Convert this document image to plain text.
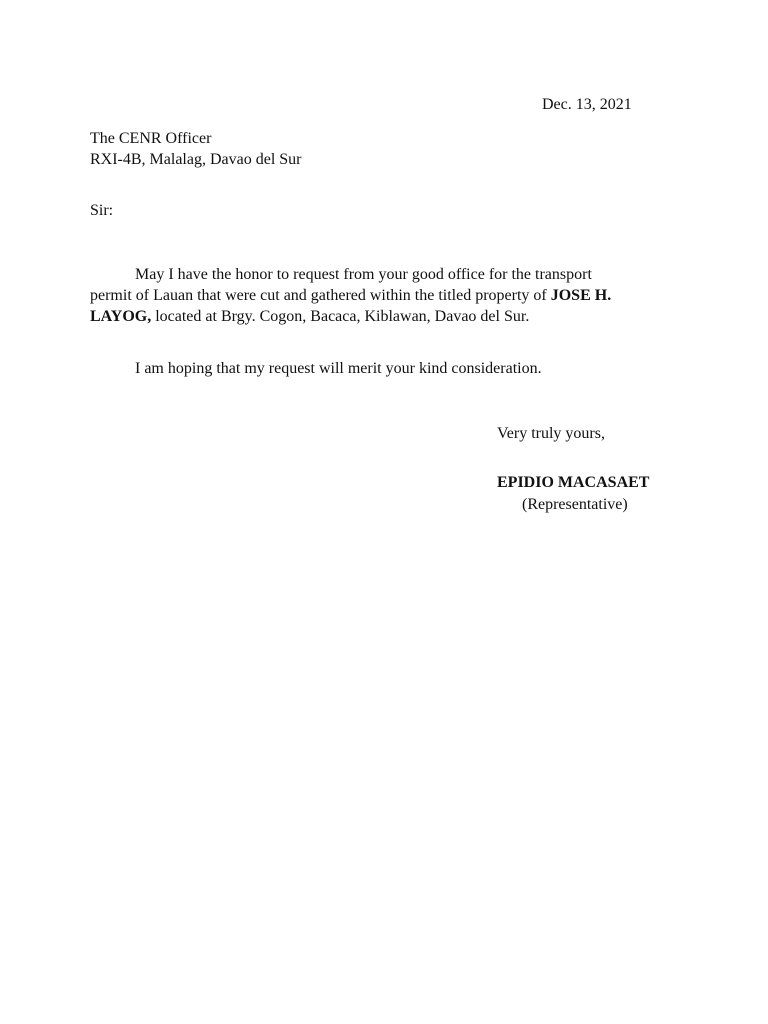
Dec. 13, 2021
The CENR Officer
RXI-4B, Malalag, Davao del Sur
Sir:
May I have the honor to request from your good office for the transport
permit of Lauan that were cut and gathered within the titled property of JOSE H.
LAYOG, located at Brgy. Cogon, Bacaca, Kiblawan, Davao del Sur.
I am hoping that my request will merit your kind consideration.
Very truly yours,
EPIDIO MACASAET
(Representative)
